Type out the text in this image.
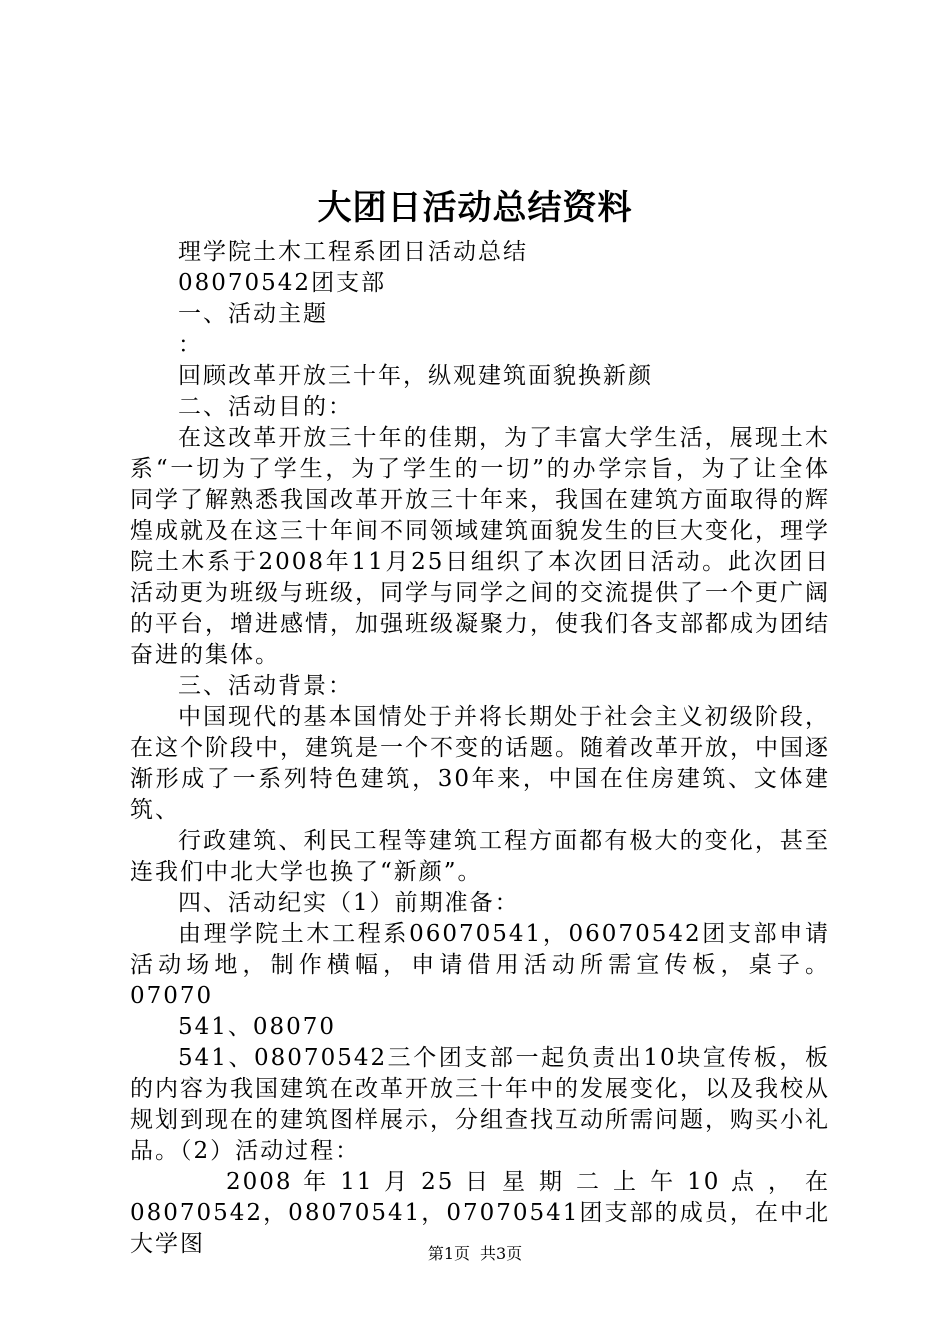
大团日活动总结资料

理学院土木工程系团日活动总结

08070542团支部

一、活动主题

：

回顾改革开放三十年，纵观建筑面貌换新颜

二、活动目的：

在这改革开放三十年的佳期，为了丰富大学生活，展现土木系“一切为了学生，为了学生的一切”的办学宗旨，为了让全体同学了解熟悉我国改革开放三十年来，我国在建筑方面取得的辉煌成就及在这三十年间不同领域建筑面貌发生的巨大变化，理学院土木系于2008年11月25日组织了本次团日活动。此次团日活动更为班级与班级，同学与同学之间的交流提供了一个更广阔的平台，增进感情，加强班级凝聚力，使我们各支部都成为团结奋进的集体。

三、活动背景：

中国现代的基本国情处于并将长期处于社会主义初级阶段，在这个阶段中，建筑是一个不变的话题。随着改革开放，中国逐渐形成了一系列特色建筑，30年来，中国在住房建筑、文体建筑、

行政建筑、利民工程等建筑工程方面都有极大的变化，甚至连我们中北大学也换了“新颜”。

四、活动纪实（1）前期准备：

由理学院土木工程系06070541，06070542团支部申请活动场地，制作横幅，申请借用活动所需宣传板，桌子。07070

541、08070

541、08070542三个团支部一起负责出10块宣传板，板的内容为我国建筑在改革开放三十年中的发展变化，以及我校从规划到现在的建筑图样展示，分组查找互动所需问题，购买小礼品。（2）活动过程：

2008 年 11 月 25 日 星 期 二 上 午 10 点 ， 在

08070542，08070541，07070541团支部的成员，在中北大学图	第1页 共3页
